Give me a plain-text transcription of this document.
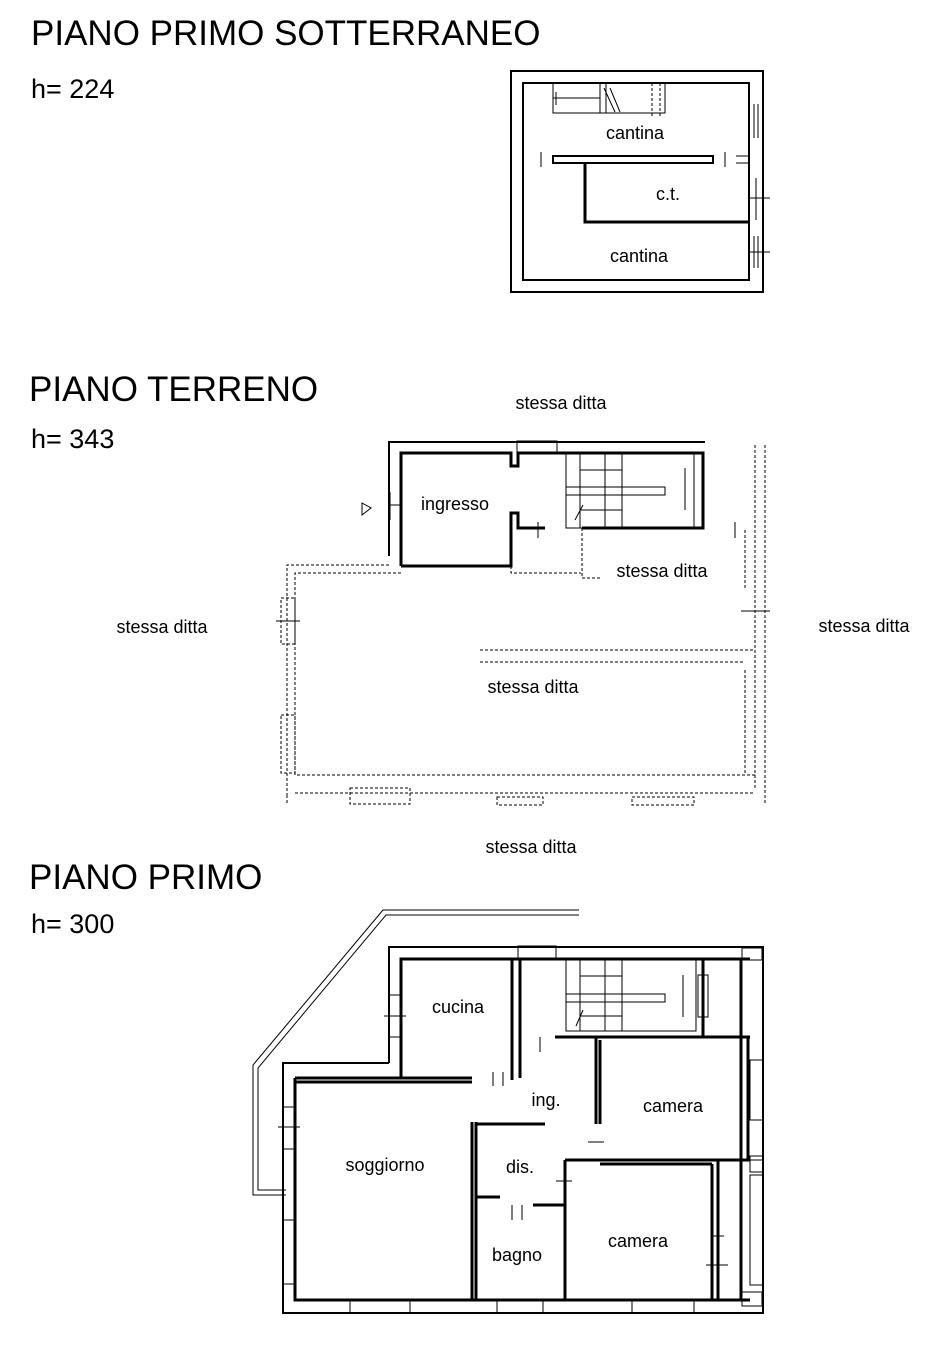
PIANO PRIMO SOTTERRANEO
h= 224
PIANO TERRENO
h= 343
PIANO PRIMO
h= 300
cantina
c.t.
cantina
ingresso
stessa ditta
stessa ditta
stessa ditta
stessa ditta	stessa ditta
stessa ditta
cucina
ing.	camera
soggiorno	dis.
bagno
camera
